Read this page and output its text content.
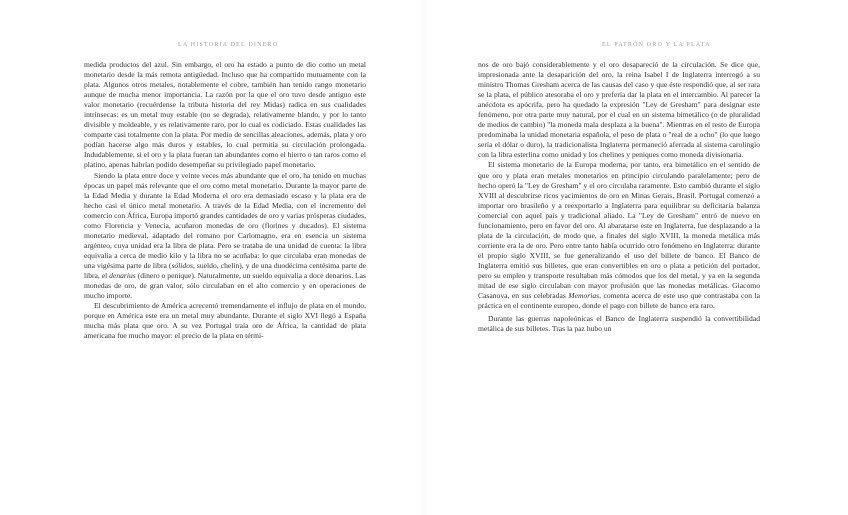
LA HISTORIA DEL DINERO

medida productos del azul. Sin embargo, el oro ha estado a punto de dio como un metal monetario desde la más remota antigüedad. Incluso que ha compartido mutuamente con la plata. Algunos otros metales, notablemente el cobre, también han tenido rango monetario aunque de mucha menor importancia. La razón por la que el oro tuvo desde antiguo este valor monetario (recuérdense la tributa historia del rey Midas) radica en sus cualidades intrínsecas: es un metal muy estable (no se degrada), relativamente blando, y por lo tanto divisible y moldeable, y es relativamente raro, por lo cual es codiciado. Estas cualidades las comparte casi totalmente con la plata. Por medio de sencillas aleaciones, además, plata y oro podían hacerse algo más duros y estables, lo cual permitía su circulación prolongada. Indudablemente, si el oro y la plata fueran tan abundantes como el hierro o tan raros como el platino, apenas habrían podido desempeñar su privilegiado papel monetario.

Siendo la plata entre doce y veinte veces más abundante que el oro, ha tenido en muchas épocas un papel más relevante que el oro como metal monetario. Durante la mayor parte de la Edad Media y durante la Edad Moderna el oro era demasiado escaso y la plata era de hecho casi el único metal monetario. A través de la Edad Media, con el incremento del comercio con África, Europa importó grandes cantidades de oro y varias prósperas ciudades, como Florencia y Venecia, acuñaron monedas de oro (florines y ducados). El sistema monetario medieval, adaptado del romano por Carlomagno, era en esencia un sistema argénteo, cuya unidad era la libra de plata. Pero se trataba de una unidad de cuenta: la libra equivalía a cerca de medio kilo y la libra no se acuñaba: lo que circulaba eran monedas de una vigésima parte de libra (sólidos, sueldo, chelín), y de una duodécima centésima parte de libra, el denarius (dinero o penique). Naturalmente, un sueldo equivalía a doce denarios. Las monedas de oro, de gran valor, sólo circulaban en el alto comercio y en operaciones de mucho importe.

El descubrimiento de América acrecentó tremendamente el influjo de plata en el mundo, porque en América este era un metal muy abundante. Durante el siglo XVI llegó a España mucha más plata que oro. A su vez Portugal traía oro de África, la cantidad de plata americana fue mucho mayor: el precio de la plata en térmi-

EL PATRÓN ORO Y LA PLATA

nos de oro bajó considerablemente y el oro desapareció de la circulación. Se dice que, impresionada ante la desaparición del oro, la reina Isabel I de Inglaterra interrogó a su ministro Thomas Gresham acerca de las causas del caso y que éste respondió que, al ser rara se la plata, el público atesoraba el oro y prefería dar la plata en el intercambio. Al parecer la anécdota es apócrifa, pero ha quedado la expresión "Ley de Gresham" para designar este fenómeno, por otra parte muy natural, por el cual en un sistema bimetálico (o de pluralidad de medios de cambio) "la moneda mala desplaza a la buena". Mientras en el resto de Europa predominaba la unidad monetaria española, el peso de plata o "real de a ocho" (lo que luego sería el dólar o duro), la tradicionalista Inglaterra permaneció aferrada al sistema carolingio con la libra esterlina como unidad y los chelines y peniques como moneda divisionaria.

El sistema monetario de la Europa moderna, por tanto, era bimetálico en el sentido de que oro y plata eran metales monetarios en principio circulando paralelamente; pero de hecho operó la "Ley de Gresham" y el oro circulaba raramente. Esto cambió durante el siglo XVIII al descubrirse ricos yacimientos de oro en Minas Gerais, Brasil. Portugal comenzó a importar oro brasileño y a reexportarlo a Inglaterra para equilibrar su deficitaria balanza comercial con aquel país y tradicional aliado. La "Ley de Gresham" entró de nuevo en funcionamiento, pero en favor del oro. Al abaratarse este en Inglaterra, fue desplazando a la plata de la circulación, de modo que, a finales del siglo XVIII, la moneda metálica más corriente era la de oro. Pero entre tanto había ocurrido otro fenómeno en Inglaterra: durante el propio siglo XVIII, se fue generalizando el uso del billete de banco. El Banco de Inglaterra emitió sus billetes, que eran convertibles en oro o plata a petición del portador, pero su empleo y transporte resultaban más cómodos que los del metal, y ya en la segunda mitad de ese siglo circulaban con mayor profusión que las monedas metálicas. Giacomo Casanova, en sus celebradas Memorias, comenta acerca de este uso que contrastaba con la práctica en el continente europeo, donde el pago con billete de banco era raro.

Durante las guerras napoleónicas el Banco de Inglaterra suspendió la convertibilidad metálica de sus billetes. Tras la paz hubo un
